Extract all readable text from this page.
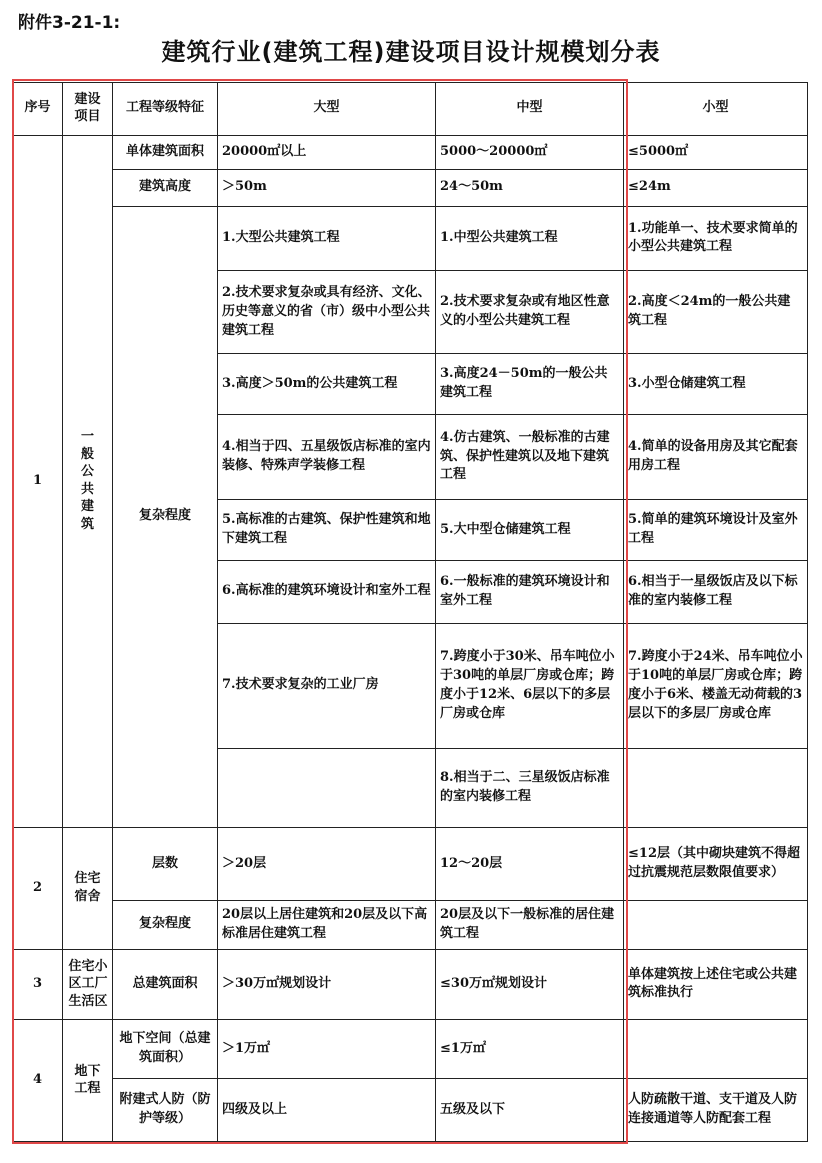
附件3-21-1:
建筑行业(建筑工程)建设项目设计规模划分表
序号	建设项目	工程等级特征	大型	中型	小型
1	一般公共建筑	单体建筑面积	20000㎡以上	5000～20000㎡	≤5000㎡
		建筑高度	＞50m	24～50m	≤24m
		复杂程度	1.大型公共建筑工程	1.中型公共建筑工程	1.功能单一、技术要求简单的小型公共建筑工程
			2.技术要求复杂或具有经济、文化、历史等意义的省（市）级中小型公共建筑工程	2.技术要求复杂或有地区性意义的小型公共建筑工程	2.高度＜24m的一般公共建筑工程
			3.高度＞50m的公共建筑工程	3.高度24－50m的一般公共建筑工程	3.小型仓储建筑工程
			4.相当于四、五星级饭店标准的室内装修、特殊声学装修工程	4.仿古建筑、一般标准的古建筑、保护性建筑以及地下建筑工程	4.简单的设备用房及其它配套用房工程
			5.高标准的古建筑、保护性建筑和地下建筑工程	5.大中型仓储建筑工程	5.简单的建筑环境设计及室外工程
			6.高标准的建筑环境设计和室外工程	6.一般标准的建筑环境设计和室外工程	6.相当于一星级饭店及以下标准的室内装修工程
			7.技术要求复杂的工业厂房	7.跨度小于30米、吊车吨位小于30吨的单层厂房或仓库；跨度小于12米、6层以下的多层厂房或仓库	7.跨度小于24米、吊车吨位小于10吨的单层厂房或仓库；跨度小于6米、楼盖无动荷载的3层以下的多层厂房或仓库
				8.相当于二、三星级饭店标准的室内装修工程	
2	住宅宿舍	层数	＞20层	12～20层	≤12层（其中砌块建筑不得超过抗震规范层数限值要求）
		复杂程度	20层以上居住建筑和20层及以下高标准居住建筑工程	20层及以下一般标准的居住建筑工程	
3	住宅小区工厂生活区	总建筑面积	＞30万㎡规划设计	≤30万㎡规划设计	单体建筑按上述住宅或公共建筑标准执行
4	地下工程	地下空间（总建筑面积）	＞1万㎡	≤1万㎡	
		附建式人防（防护等级）	四级及以上	五级及以下	人防疏散干道、支干道及人防连接通道等人防配套工程
